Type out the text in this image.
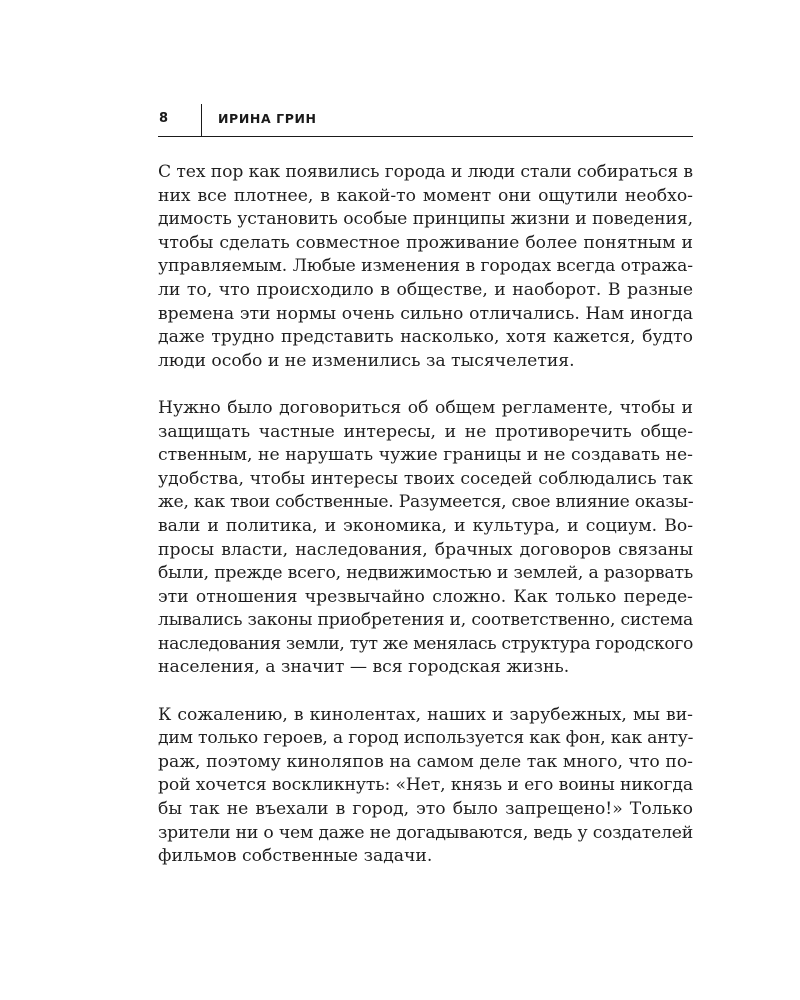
8	ИРИНА ГРИН

С тех пор как появились города и люди стали собираться в
них все плотнее, в какой-то момент они ощутили необхо-
димость установить особые принципы жизни и поведения,
чтобы сделать совместное проживание более понятным и
управляемым. Любые изменения в городах всегда отража-
ли то, что происходило в обществе, и наоборот. В разные
времена эти нормы очень сильно отличались. Нам иногда
даже трудно представить насколько, хотя кажется, будто
люди особо и не изменились за тысячелетия.

Нужно было договориться об общем регламенте, чтобы и
защищать частные интересы, и не противоречить обще-
ственным, не нарушать чужие границы и не создавать не-
удобства, чтобы интересы твоих соседей соблюдались так
же, как твои собственные. Разумеется, свое влияние оказы-
вали и политика, и экономика, и культура, и социум. Во-
просы власти, наследования, брачных договоров связаны
были, прежде всего, недвижимостью и землей, а разорвать
эти отношения чрезвычайно сложно. Как только переде-
лывались законы приобретения и, соответственно, система
наследования земли, тут же менялась структура городского
населения, а значит — вся городская жизнь.

К сожалению, в кинолентах, наших и зарубежных, мы ви-
дим только героев, а город используется как фон, как анту-
раж, поэтому киноляпов на самом деле так много, что по-
рой хочется воскликнуть: «Нет, князь и его воины никогда
бы так не въехали в город, это было запрещено!» Только
зрители ни о чем даже не догадываются, ведь у создателей
фильмов собственные задачи.
